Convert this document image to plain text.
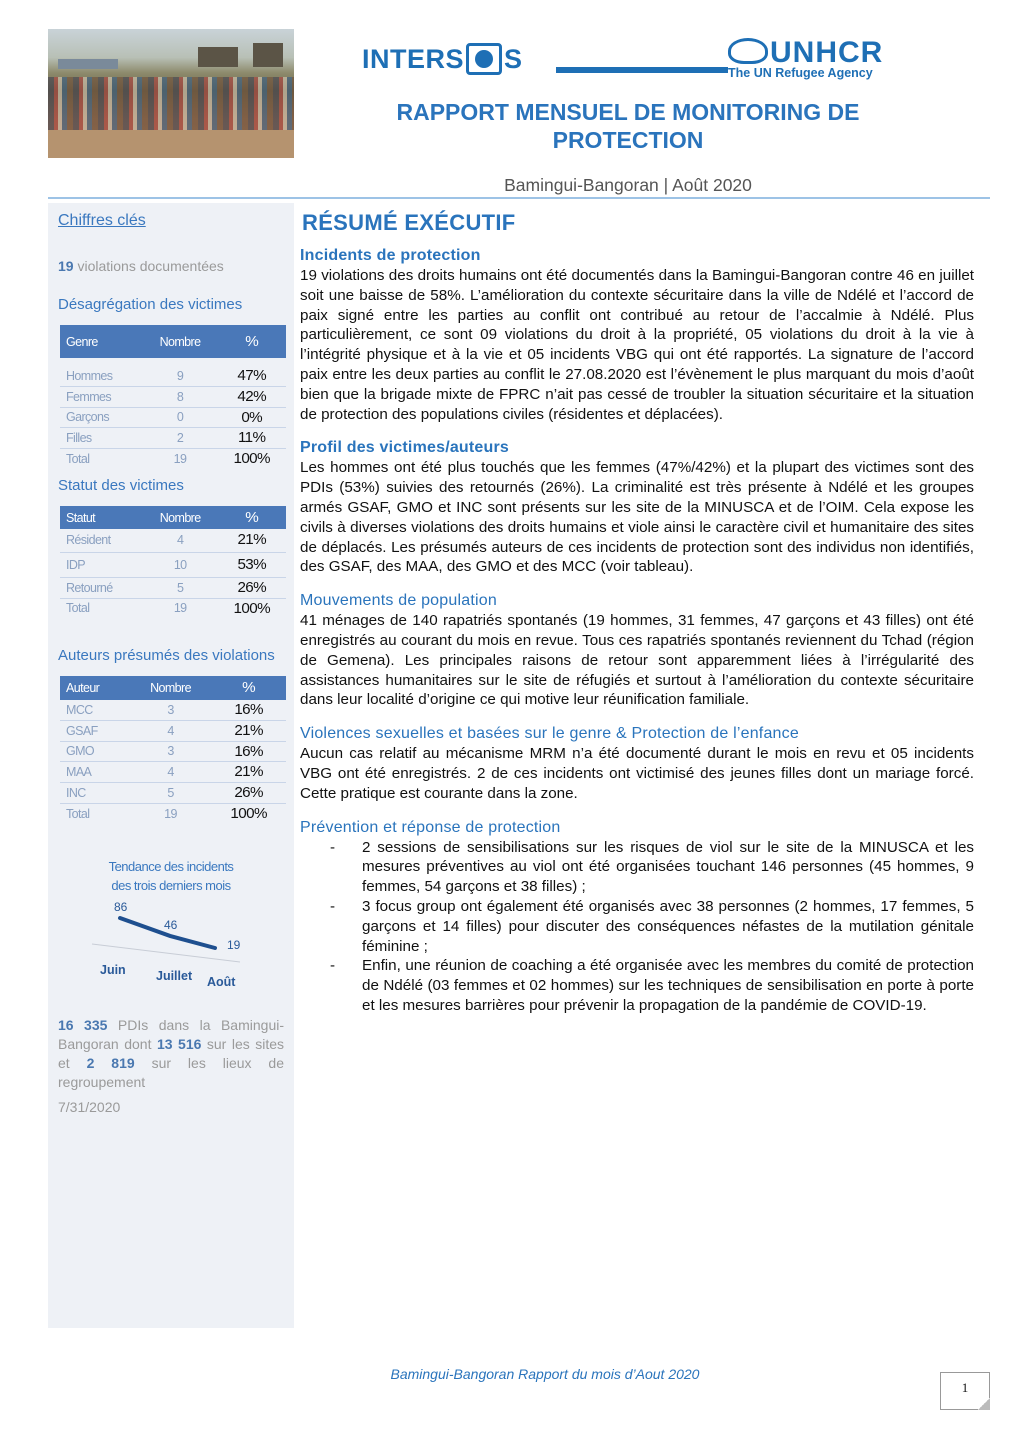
INTERS S	UNHCR
The UN Refugee Agency
RAPPORT MENSUEL DE MONITORING DE
PROTECTION
Bamingui-Bangoran | Août 2020
Chiffres clés
19 violations documentées
Désagrégation des victimes
Genre	Nombre	%

Hommes	9	47%
Femmes	8	42%
Garçons	0	0%
Filles	2	11%
Total	19	100%
Statut des victimes
Statut	Nombre	%
Résident	4	21%
IDP	10	53%
Retourné	5	26%
Total	19	100%
Auteurs présumés des violations
Auteur	Nombre	%
MCC	3	16%
GSAF	4	21%
GMO	3	16%
MAA	4	21%
INC	5	26%
Total	19	100%
Tendance des incidents
des trois derniers mois
86
Juin
46
Juillet
19
Août
16 335 PDIs dans la Bamingui-Bangoran dont 13 516 sur les sites et 2 819 sur les lieux de regroupement
7/31/2020
RÉSUMÉ EXÉCUTIF
Incidents de protection

19 violations des droits humains ont été documentés dans la Bamingui-Bangoran contre 46 en juillet soit une baisse de 58%. L’amélioration du contexte sécuritaire dans la ville de Ndélé et l’accord de paix signé entre les parties au conflit ont contribué au retour de l’accalmie à Ndélé. Plus particulièrement, ce sont 09 violations du droit à la propriété, 05 violations du droit à la vie à l’intégrité physique et à la vie et 05 incidents VBG qui ont été rapportés. La signature de l’accord paix entre les deux parties au conflit le 27.08.2020 est l’évènement le plus marquant du mois d’août bien que la brigade mixte de FPRC n’ait pas cessé de troubler la situation sécuritaire et la situation de protection des populations civiles (résidentes et déplacées).

Profil des victimes/auteurs

Les hommes ont été plus touchés que les femmes (47%/42%) et la plupart des victimes sont des PDIs (53%) suivies des retournés (26%). La criminalité est très présente à Ndélé et les groupes armés GSAF, GMO et INC sont présents sur les site de la MINUSCA et de l’OIM. Cela expose les civils à diverses violations des droits humains et viole ainsi le caractère civil et humanitaire des sites de déplacés. Les présumés auteurs de ces incidents de protection sont des individus non identifiés, des GSAF, des MAA, des GMO et des MCC (voir tableau).

Mouvements de population

41 ménages de 140 rapatriés spontanés (19 hommes, 31 femmes, 47 garçons et 43 filles) ont été enregistrés au courant du mois en revue. Tous ces rapatriés spontanés reviennent du Tchad (région de Gemena). Les principales raisons de retour sont apparemment liées à l’irrégularité des assistances humanitaires sur le site de réfugiés et surtout à l’amélioration du contexte sécuritaire dans leur localité d’origine ce qui motive leur réunification familiale.

Violences sexuelles et basées sur le genre & Protection de l’enfance

Aucun cas relatif au mécanisme MRM n’a été documenté durant le mois en revu et 05 incidents VBG ont été enregistrés. 2 de ces incidents ont victimisé des jeunes filles dont un mariage forcé. Cette pratique est courante dans la zone.

Prévention et réponse de protection
- 2 sessions de sensibilisations sur les risques de viol sur le site de la MINUSCA et les mesures préventives au viol ont été organisées touchant 146 personnes (45 hommes, 9 femmes, 54 garçons et 38 filles) ;
- 3 focus group ont également été organisés avec 38 personnes (2 hommes, 17 femmes, 5 garçons et 14 filles) pour discuter des conséquences néfastes de la mutilation génitale féminine ;
- Enfin, une réunion de coaching a été organisée avec les membres du comité de protection de Ndélé (03 femmes et 02 hommes) sur les techniques de sensibilisation en porte à porte et les mesures barrières pour prévenir la propagation de la pandémie de COVID-19.
Bamingui-Bangoran Rapport du mois d’Aout 2020
1
